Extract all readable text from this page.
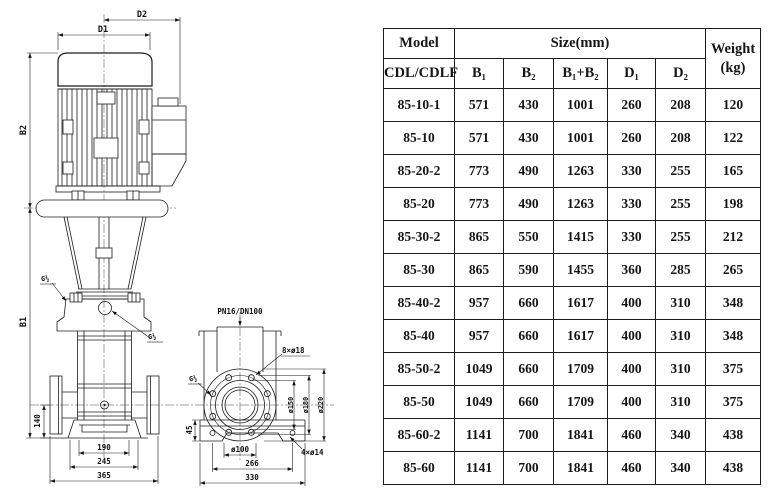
D2
D1
B2
B1
140
190
245
365
G½
G½
PN16/DN100
8×ø18
G½
ø150 ø180 ø220
45
ø100
266
330
4×ø14
Model	Size(mm)					Weight
(kg)

CDL/CDLF	B₁	B₂	B₁+B₂	D₁	D₂	
85-10-1	571	430	1001	260	208	120
85-10	571	430	1001	260	208	122
85-20-2	773	490	1263	330	255	165
85-20	773	490	1263	330	255	198
85-30-2	865	550	1415	330	255	212
85-30	865	590	1455	360	285	265
85-40-2	957	660	1617	400	310	348
85-40	957	660	1617	400	310	348
85-50-2	1049	660	1709	400	310	375
85-50	1049	660	1709	400	310	375
85-60-2	1141	700	1841	460	340	438
85-60	1141	700	1841	460	340	438
